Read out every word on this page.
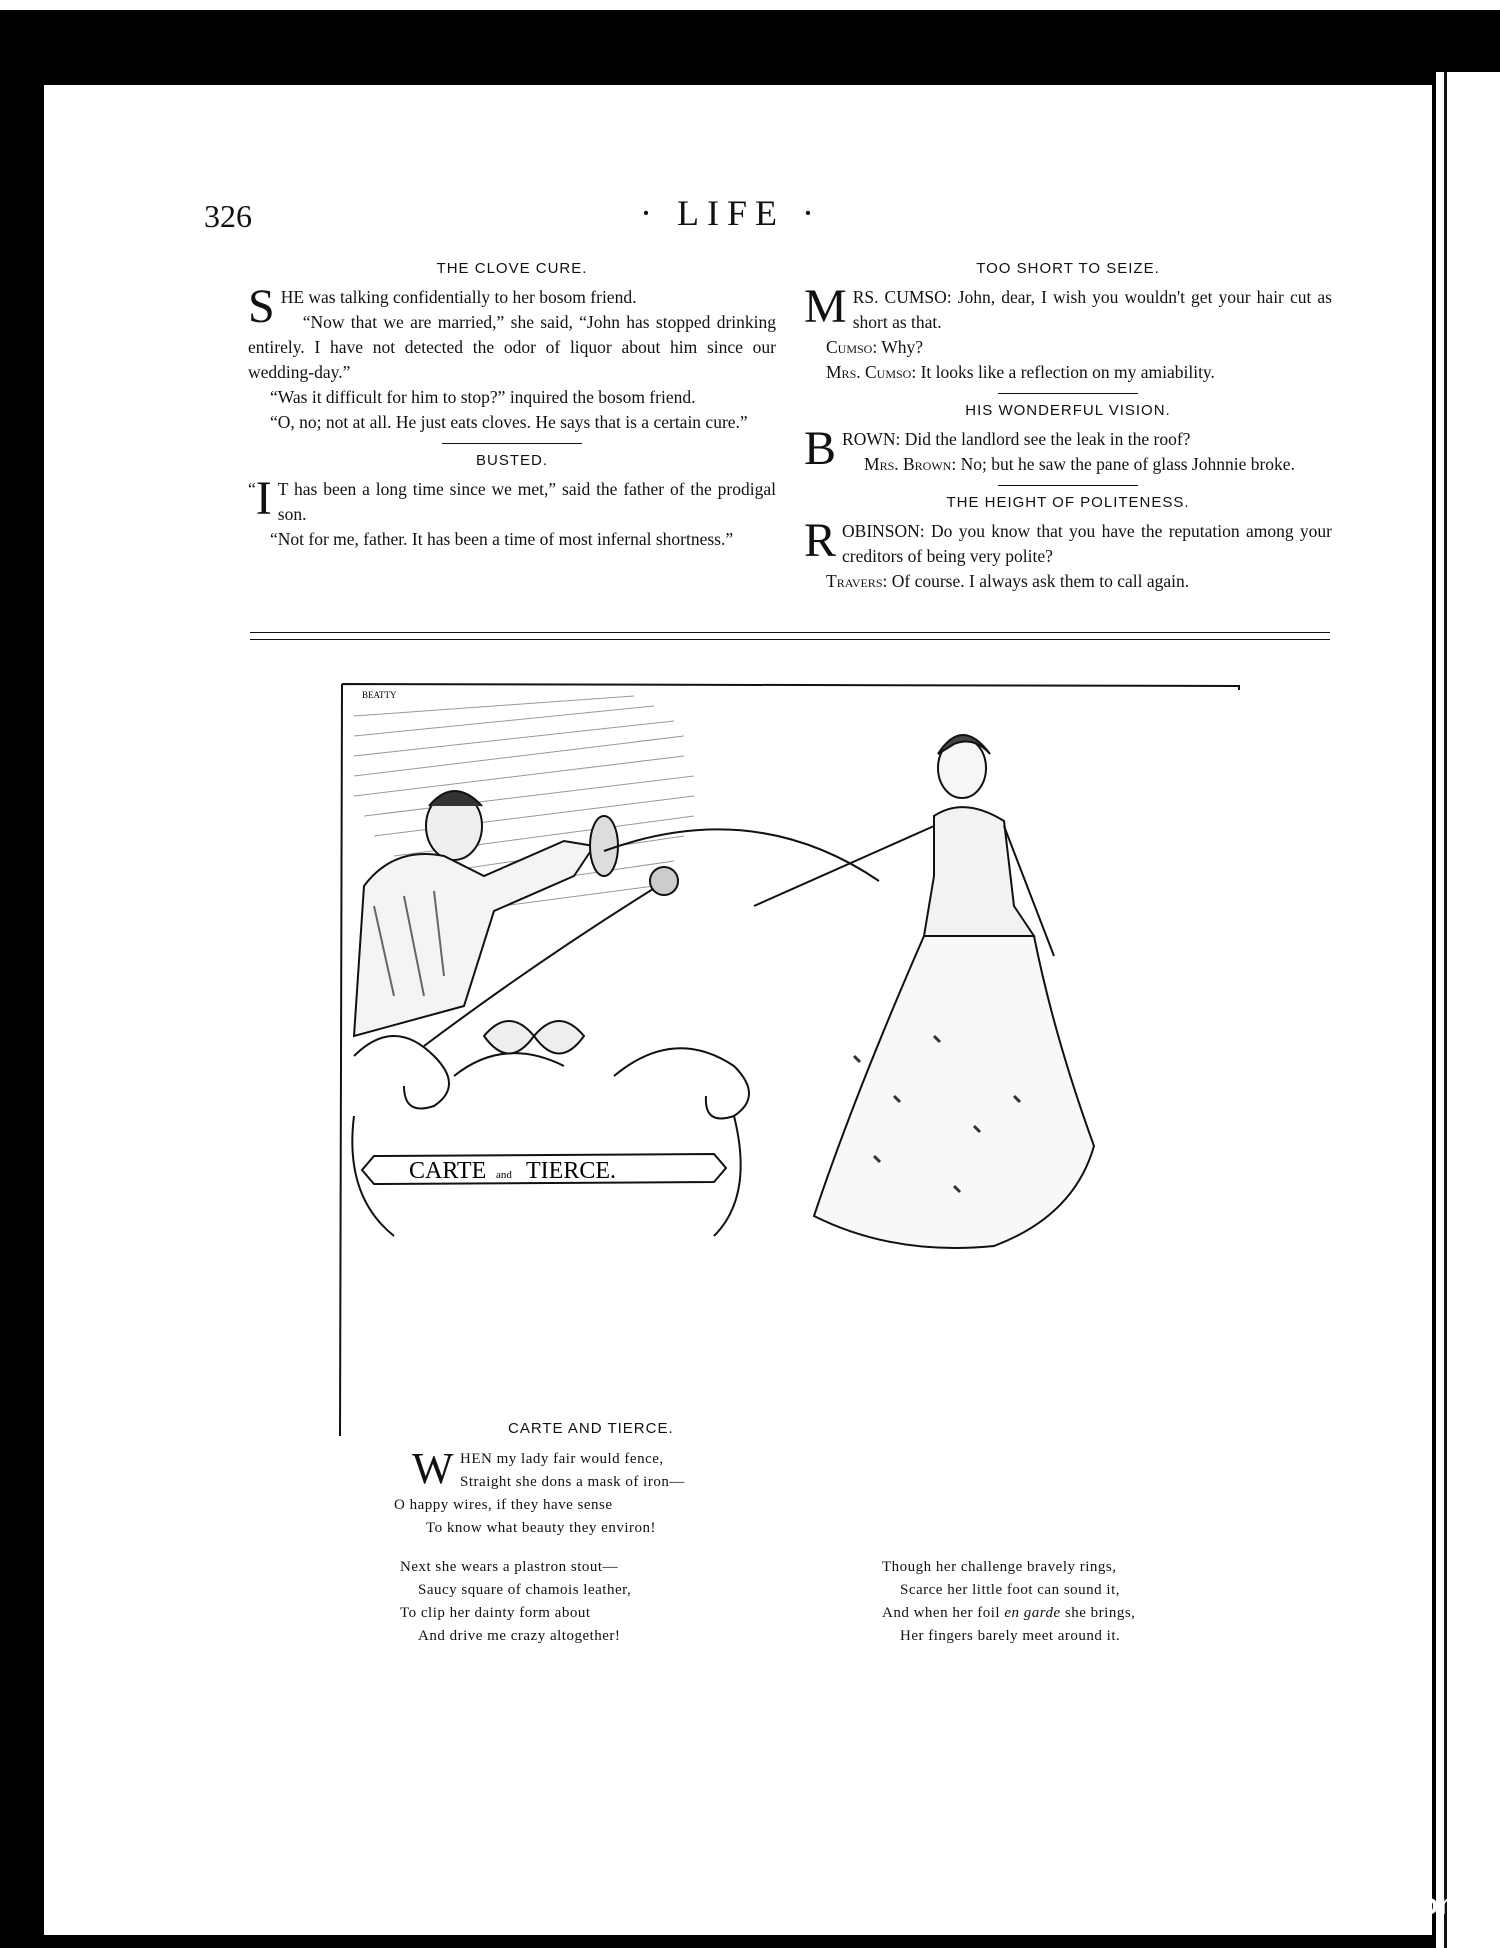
326	· LIFE ·
THE CLOVE CURE.

SHE was talking confidentially to her bosom friend.

“Now that we are married,” she said, “John has stopped drinking entirely. I have not detected the odor of liquor about him since our wedding-day.”

“Was it difficult for him to stop?” inquired the bosom friend.

“O, no; not at all. He just eats cloves. He says that is a certain cure.”

BUSTED.

“ I T has been a long time since we met,” said the father of the prodigal son.

“Not for me, father. It has been a time of most infernal shortness.”

TOO SHORT TO SEIZE.

MRS. CUMSO: John, dear, I wish you wouldn't get your hair cut as short as that.

Cumso: Why?

Mrs. Cumso: It looks like a reflection on my amiability.

HIS WONDERFUL VISION.

BROWN: Did the landlord see the leak in the roof?

Mrs. Brown: No; but he saw the pane of glass Johnnie broke.

THE HEIGHT OF POLITENESS.

ROBINSON: Do you know that you have the reputation among your creditors of being very polite?

Travers: Of course. I always ask them to call again.

BEATTY
CARTE and TIERCE.
CARTE AND TIERCE.
W HEN my lady fair would fence,

Straight she dons a mask of iron—

O happy wires, if they have sense

To know what beauty they environ!

Next she wears a plastron stout—

Saucy square of chamois leather,

To clip her dainty form about

And drive me crazy altogether!

Though her challenge bravely rings,

Scarce her little foot can sound it,

And when her foil en garde she brings,

Her fingers barely meet around it.

comicbooks.com
